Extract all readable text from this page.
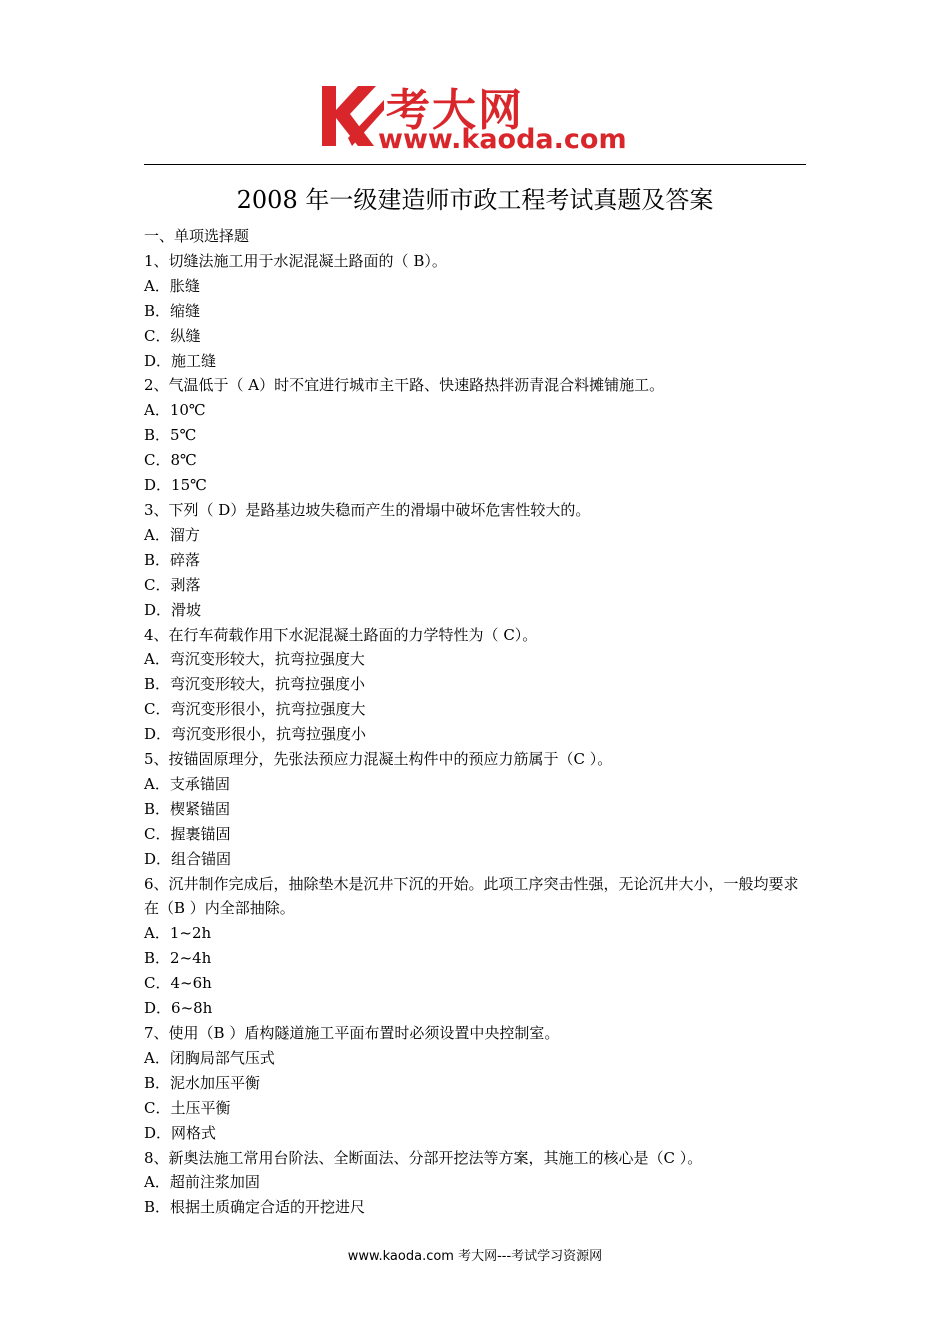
考大网
www.kaoda.com
2008 年一级建造师市政工程考试真题及答案
一、单项选择题
1、切缝法施工用于水泥混凝土路面的（ B）。
A．胀缝
B．缩缝
C．纵缝
D．施工缝
2、气温低于（ A）时不宜进行城市主干路、快速路热拌沥青混合料摊铺施工。
A．10℃
B．5℃
C．8℃
D．15℃
3、下列（ D）是路基边坡失稳而产生的滑塌中破坏危害性较大的。
A．溜方
B．碎落
C．剥落
D．滑坡
4、在行车荷载作用下水泥混凝土路面的力学特性为（ C）。
A．弯沉变形较大，抗弯拉强度大
B．弯沉变形较大，抗弯拉强度小
C．弯沉变形很小，抗弯拉强度大
D．弯沉变形很小，抗弯拉强度小
5、按锚固原理分，先张法预应力混凝土构件中的预应力筋属于（C ）。
A．支承锚固
B．楔紧锚固
C．握裹锚固
D．组合锚固
6、沉井制作完成后，抽除垫木是沉井下沉的开始。此项工序突击性强，无论沉井大小，一般均要求在（B ）内全部抽除。
A．1~2h
B．2~4h
C．4~6h
D．6~8h
7、使用（B ）盾构隧道施工平面布置时必须设置中央控制室。
A．闭胸局部气压式
B．泥水加压平衡
C．土压平衡
D．网格式
8、新奥法施工常用台阶法、全断面法、分部开挖法等方案，其施工的核心是（C ）。
A．超前注浆加固
B．根据土质确定合适的开挖进尺
www.kaoda.com 考大网---考试学习资源网
